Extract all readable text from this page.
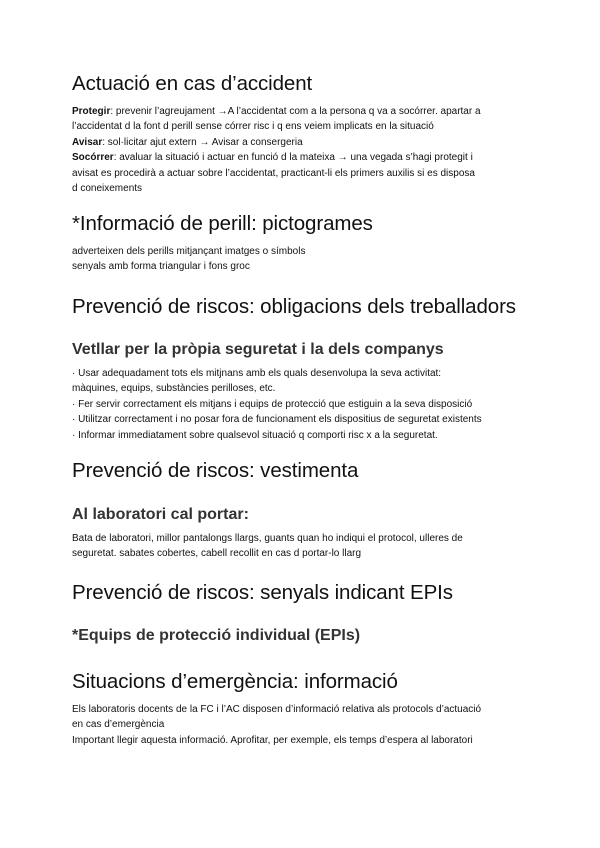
Actuació en cas d’accident
Protegir: prevenir l’agreujament →A l’accidentat com a la persona q va a socórrer. apartar a
l’accidentat d la font d perill sense córrer risc i q ens veiem implicats en la situació
Avisar: sol·licitar ajut extern → Avisar a consergeria
Socórrer: avaluar la situació i actuar en funció d la mateixa → una vegada s’hagi protegit i
avisat es procedirà a actuar sobre l’accidentat, practicant-li els primers auxilis si es disposa
d coneixements
*Informació de perill: pictogrames
adverteixen dels perills mitjançant imatges o símbols
senyals amb forma triangular i fons groc
Prevenció de riscos: obligacions dels treballadors
Vetllar per la pròpia seguretat i la dels companys
· Usar adequadament tots els mitjnans amb els quals desenvolupa la seva activitat:
màquines, equips, substàncies perilloses, etc.
· Fer servir correctament els mitjans i equips de protecció que estiguin a la seva disposició
· Utilitzar correctament i no posar fora de funcionament els dispositius de seguretat existents
· Informar immediatament sobre qualsevol situació q comporti risc x a la seguretat.
Prevenció de riscos: vestimenta
Al laboratori cal portar:
Bata de laboratori, millor pantalongs llargs, guants quan ho indiqui el protocol, ulleres de
seguretat. sabates cobertes, cabell recollit en cas d portar-lo llarg
Prevenció de riscos: senyals indicant EPIs
*Equips de protecció individual (EPIs)
Situacions d’emergència: informació
Els laboratoris docents de la FC i l’AC disposen d’informació relativa als protocols d’actuació
en cas d’emergència
Important llegir aquesta informació. Aprofitar, per exemple, els temps d’espera al laboratori
